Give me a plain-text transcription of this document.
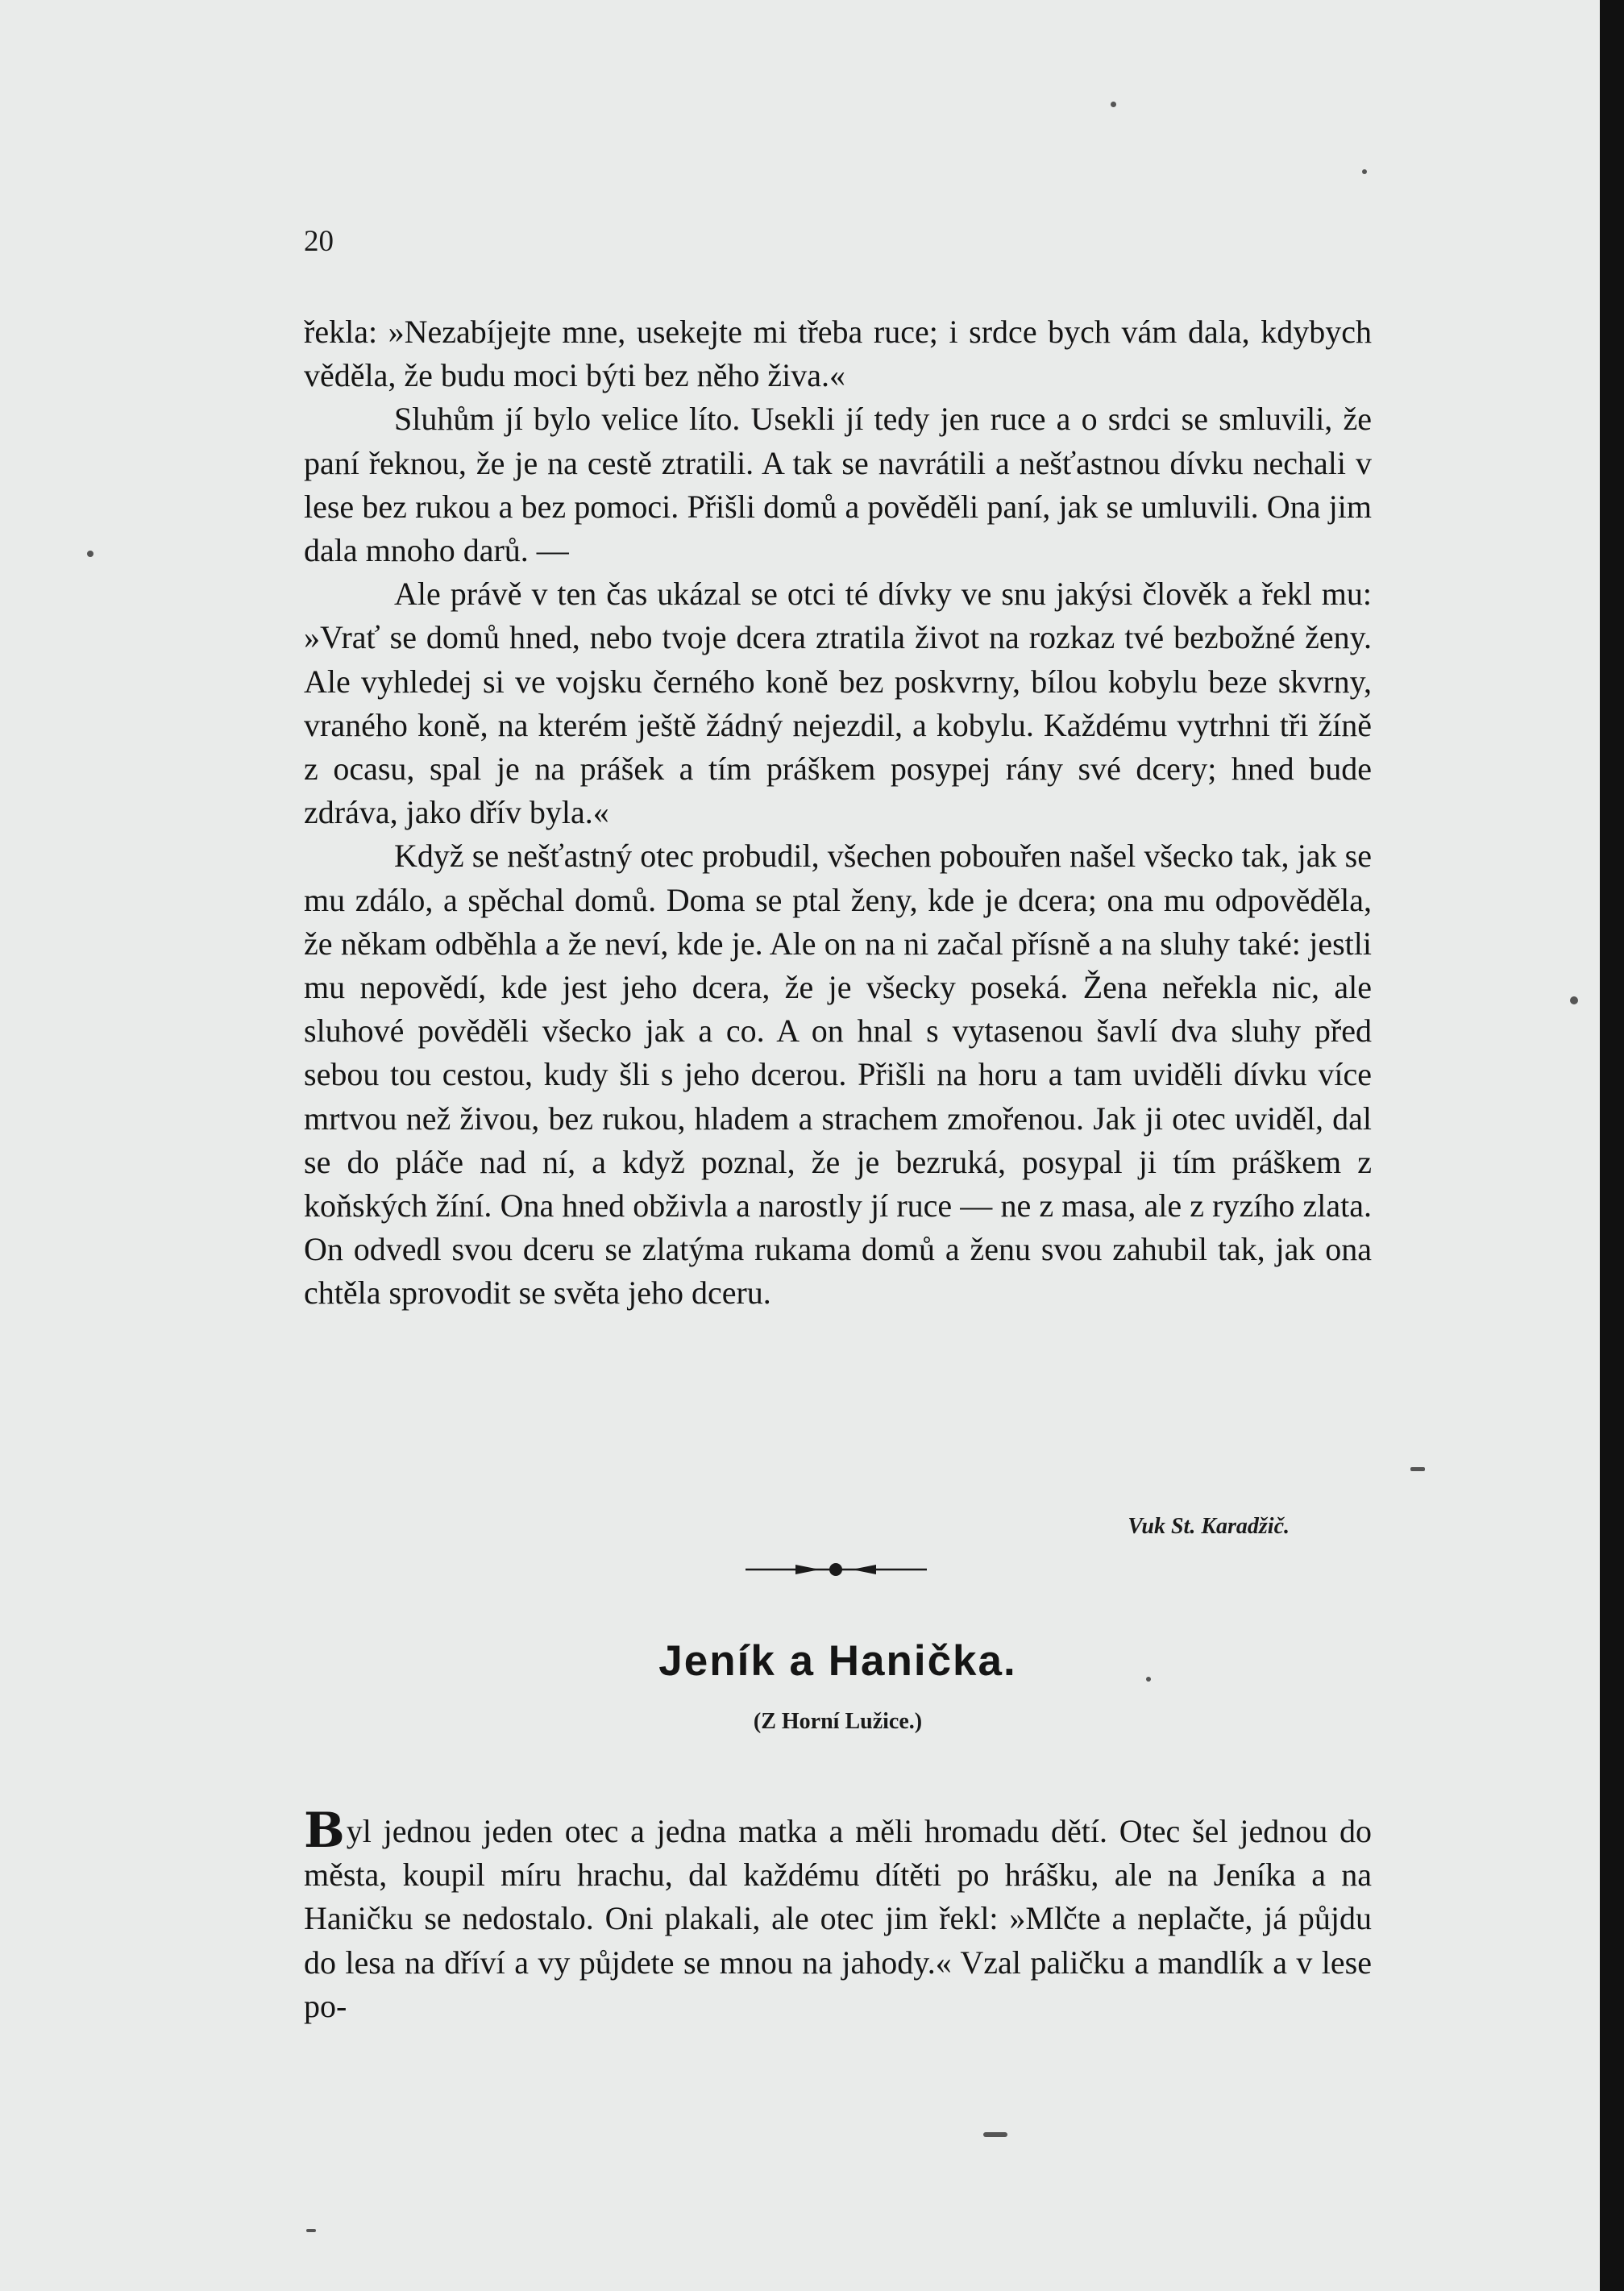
20

řekla: »Nezabíjejte mne, usekejte mi třeba ruce; i srdce bych vám dala, kdybych věděla, že budu moci býti bez něho živa.«

Sluhům jí bylo velice líto. Usekli jí tedy jen ruce a o srdci se smluvili, že paní řeknou, že je na cestě ztratili. A tak se navrátili a nešťastnou dívku nechali v lese bez rukou a bez pomoci. Přišli domů a pověděli paní, jak se umluvili. Ona jim dala mnoho darů. —

Ale právě v ten čas ukázal se otci té dívky ve snu jakýsi člověk a řekl mu: »Vrať se domů hned, nebo tvoje dcera ztratila život na rozkaz tvé bezbožné ženy. Ale vyhledej si ve vojsku černého koně bez poskvrny, bílou kobylu beze skvrny, vraného koně, na kterém ještě žádný nejezdil, a kobylu. Každému vytrhni tři žíně z ocasu, spal je na prášek a tím práškem posypej rány své dcery; hned bude zdráva, jako dřív byla.«

Když se nešťastný otec probudil, všechen pobouřen našel všecko tak, jak se mu zdálo, a spěchal domů. Doma se ptal ženy, kde je dcera; ona mu odpověděla, že někam odběhla a že neví, kde je. Ale on na ni začal přísně a na sluhy také: jestli mu nepovědí, kde jest jeho dcera, že je všecky poseká. Žena neřekla nic, ale sluhové pověděli všecko jak a co. A on hnal s vytasenou šavlí dva sluhy před sebou tou cestou, kudy šli s jeho dcerou. Přišli na horu a tam uviděli dívku více mrtvou než živou, bez rukou, hladem a strachem zmořenou. Jak ji otec uviděl, dal se do pláče nad ní, a když poznal, že je bezruká, posypal ji tím práškem z koňských žíní. Ona hned obživla a narostly jí ruce — ne z masa, ale z ryzího zlata. On odvedl svou dceru se zlatýma rukama domů a ženu svou zahubil tak, jak ona chtěla sprovodit se světa jeho dceru.

Vuk St. Karadžič.
Jeník a Hanička.
(Z Horní Lužice.)

Byl jednou jeden otec a jedna matka a měli hromadu dětí. Otec šel jednou do města, koupil míru hrachu, dal každému dítěti po hrášku, ale na Jeníka a na Haničku se nedostalo. Oni plakali, ale otec jim řekl: »Mlčte a neplačte, já půjdu do lesa na dříví a vy půjdete se mnou na jahody.« Vzal paličku a mandlík a v lese po-
